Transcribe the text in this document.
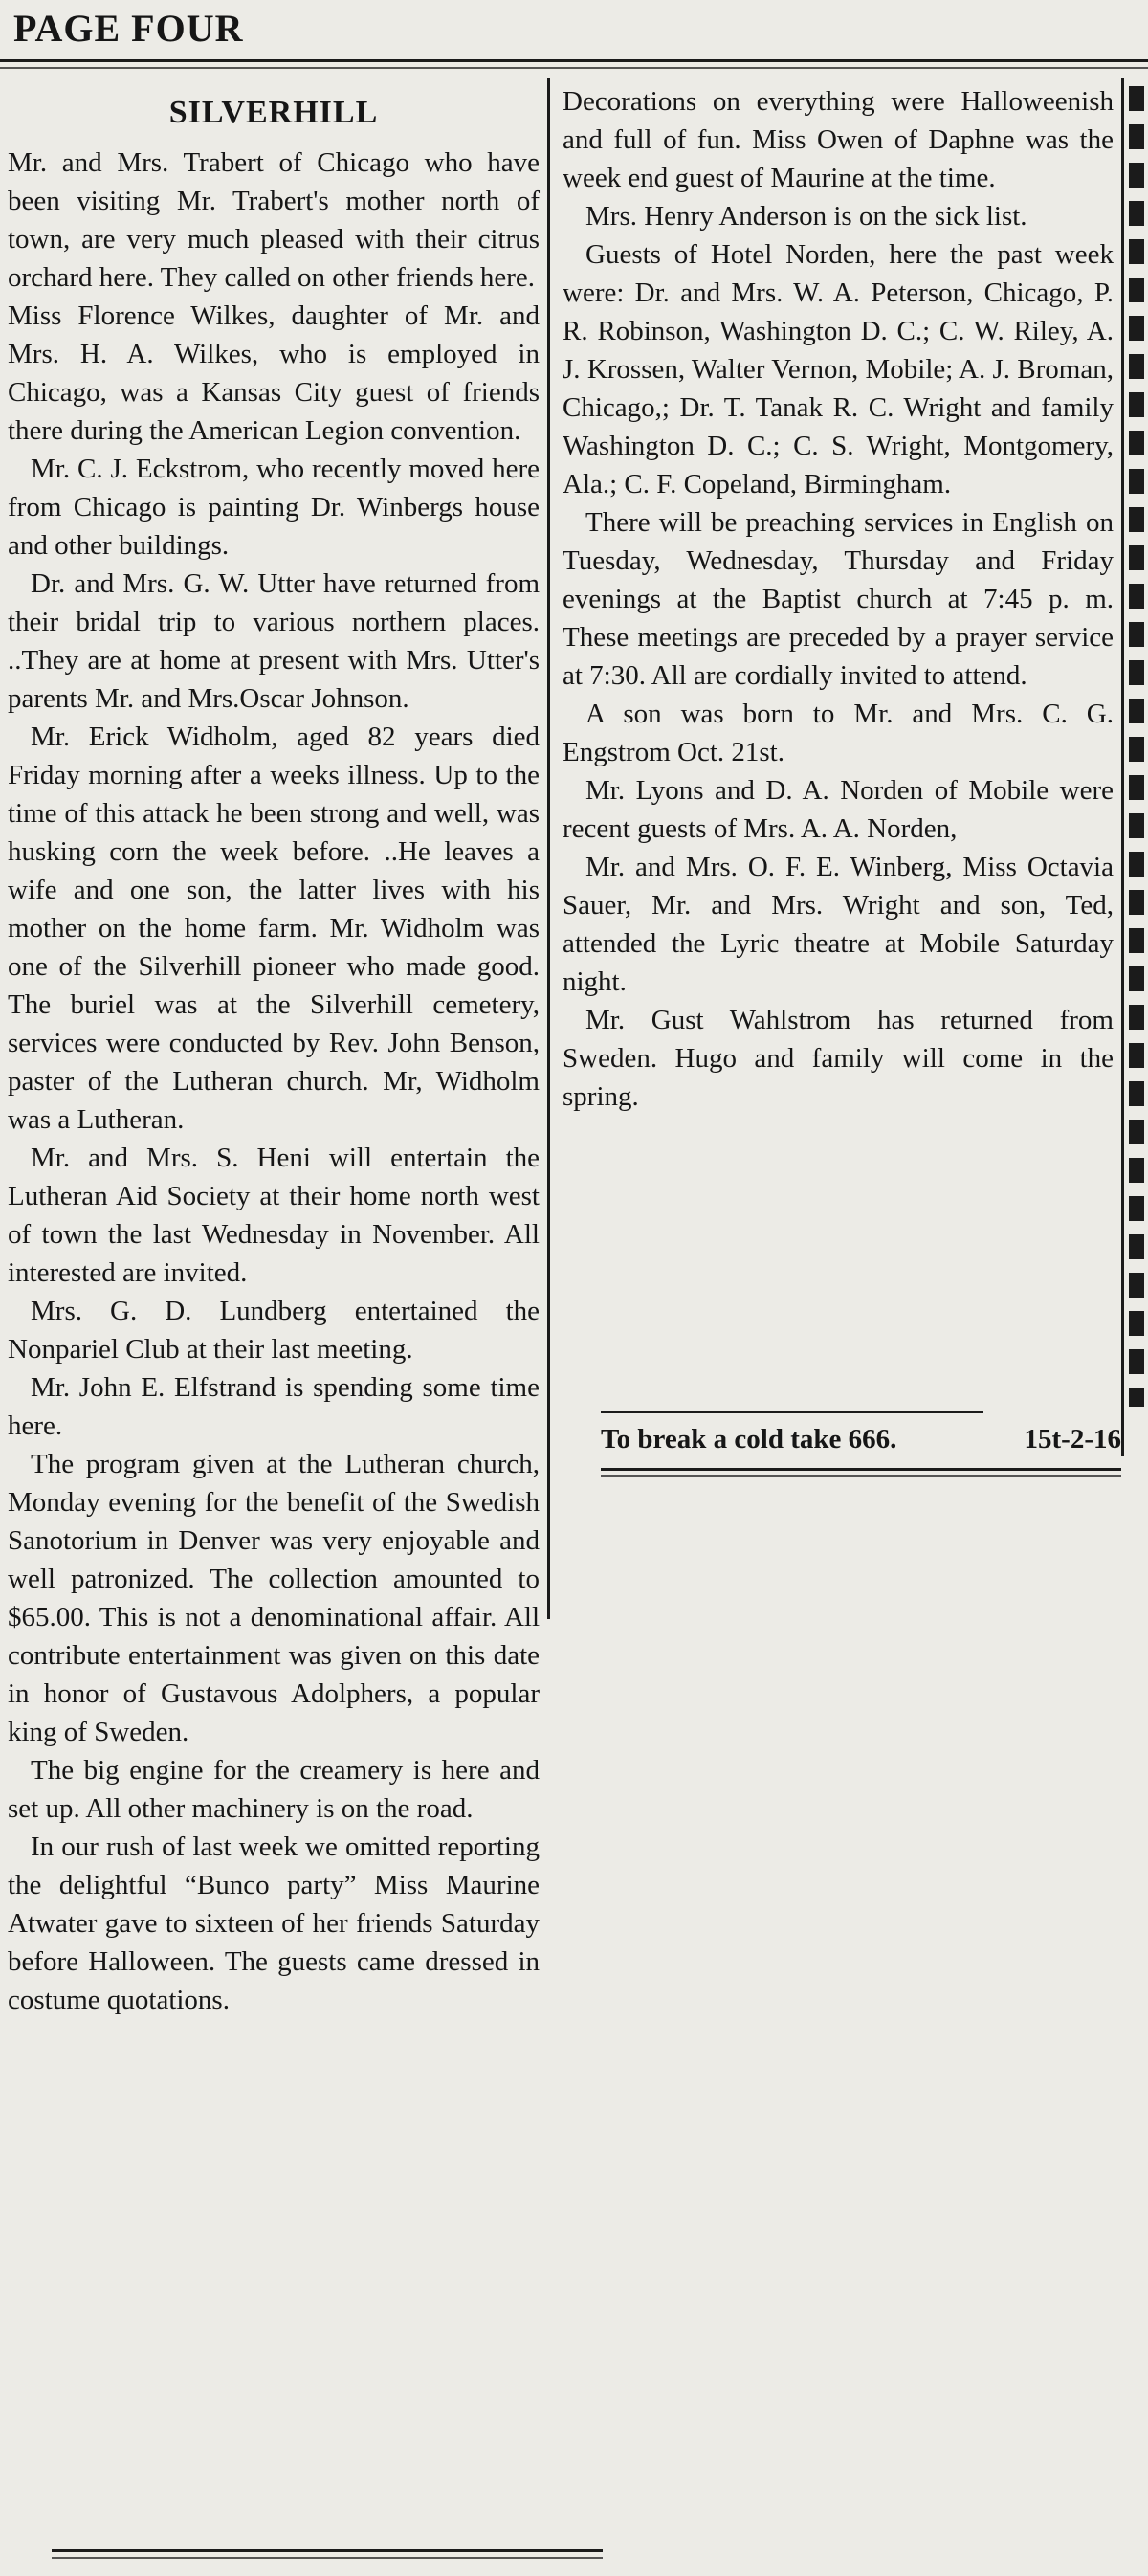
PAGE FOUR
SILVERHILL

Mr. and Mrs. Trabert of Chicago who have been visiting Mr. Trabert's mother north of town, are very much pleased with their citrus orchard here. They called on other friends here.

Miss Florence Wilkes, daughter of Mr. and Mrs. H. A. Wilkes, who is employed in Chicago, was a Kansas City guest of friends there during the American Legion convention.

Mr. C. J. Eckstrom, who recently moved here from Chicago is painting Dr. Winbergs house and other buildings.

Dr. and Mrs. G. W. Utter have returned from their bridal trip to various northern places. ..They are at home at present with Mrs. Utter's parents Mr. and Mrs.Oscar Johnson.

Mr. Erick Widholm, aged 82 years died Friday morning after a weeks illness. Up to the time of this attack he been strong and well, was husking corn the week before. ..He leaves a wife and one son, the latter lives with his mother on the home farm. Mr. Widholm was one of the Silverhill pioneer who made good. The buriel was at the Silverhill cemetery, services were conducted by Rev. John Benson, paster of the Lutheran church. Mr, Widholm was a Lutheran.

Mr. and Mrs. S. Heni will entertain the Lutheran Aid Society at their home north west of town the last Wednesday in November. All interested are invited.

Mrs. G. D. Lundberg entertained the Nonpariel Club at their last meeting.

Mr. John E. Elfstrand is spending some time here.

The program given at the Lutheran church, Monday evening for the benefit of the Swedish Sanotorium in Denver was very enjoyable and well patronized. The collection amounted to $65.00. This is not a denominational affair. All contribute entertainment was given on this date in honor of Gustavous Adolphers, a popular king of Sweden.

The big engine for the creamery is here and set up. All other machinery is on the road.

In our rush of last week we omitted reporting the delightful “Bunco party” Miss Maurine Atwater gave to sixteen of her friends Saturday before Halloween. The guests came dressed in costume quotations.

Decorations on everything were Halloweenish and full of fun. Miss Owen of Daphne was the week end guest of Maurine at the time.

Mrs. Henry Anderson is on the sick list.

Guests of Hotel Norden, here the past week were: Dr. and Mrs. W. A. Peterson, Chicago, P. R. Robinson, Washington D. C.; C. W. Riley, A. J. Krossen, Walter Vernon, Mobile; A. J. Broman, Chicago,; Dr. T. Tanak R. C. Wright and family Washington D. C.; C. S. Wright, Montgomery, Ala.; C. F. Copeland, Birmingham.

There will be preaching services in English on Tuesday, Wednesday, Thursday and Friday evenings at the Baptist church at 7:45 p. m. These meetings are preceded by a prayer service at 7:30. All are cordially invited to attend.

A son was born to Mr. and Mrs. C. G. Engstrom Oct. 21st.

Mr. Lyons and D. A. Norden of Mobile were recent guests of Mrs. A. A. Norden,

Mr. and Mrs. O. F. E. Winberg, Miss Octavia Sauer, Mr. and Mrs. Wright and son, Ted, attended the Lyric theatre at Mobile Saturday night.

Mr. Gust Wahlstrom has returned from Sweden. Hugo and family will come in the spring.

To break a cold take 666.	15t-2-16
